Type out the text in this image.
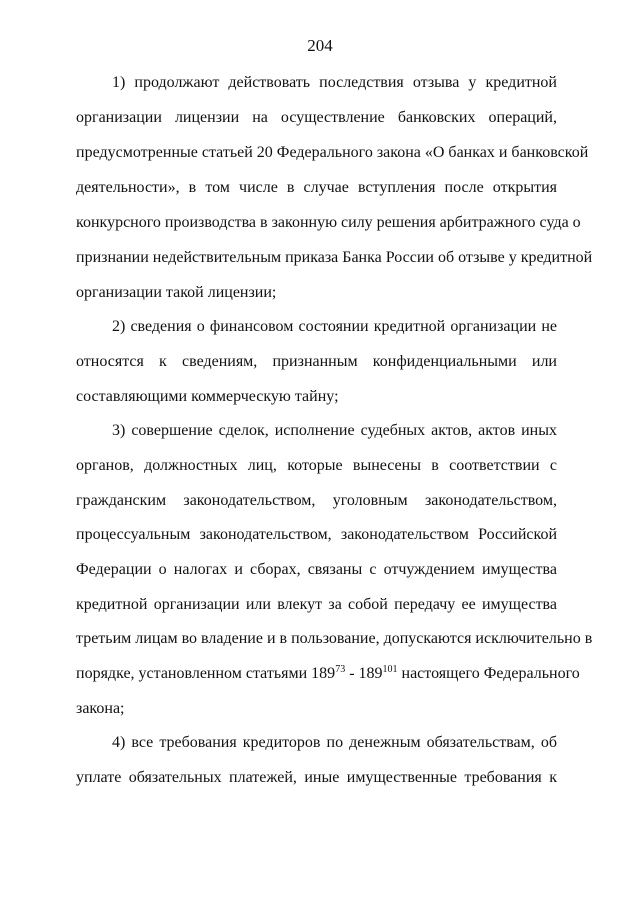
204
1) продолжают действовать последствия отзыва у кредитной
организации лицензии на осуществление банковских операций,
предусмотренные статьей 20 Федерального закона «О банках и банковской
деятельности», в том числе в случае вступления после открытия
конкурсного производства в законную силу решения арбитражного суда о
признании недействительным приказа Банка России об отзыве у кредитной
организации такой лицензии;
2) сведения о финансовом состоянии кредитной организации не
относятся к сведениям, признанным конфиденциальными или
составляющими коммерческую тайну;
3) совершение сделок, исполнение судебных актов, актов иных
органов, должностных лиц, которые вынесены в соответствии с
гражданским законодательством, уголовным законодательством,
процессуальным законодательством, законодательством Российской
Федерации о налогах и сборах, связаны с отчуждением имущества
кредитной организации или влекут за собой передачу ее имущества
третьим лицам во владение и в пользование, допускаются исключительно в
порядке, установленном статьями $189^{73} - 189^{101}$ настоящего Федерального
закона;
4) все требования кредиторов по денежным обязательствам, об
уплате обязательных платежей, иные имущественные требования к
